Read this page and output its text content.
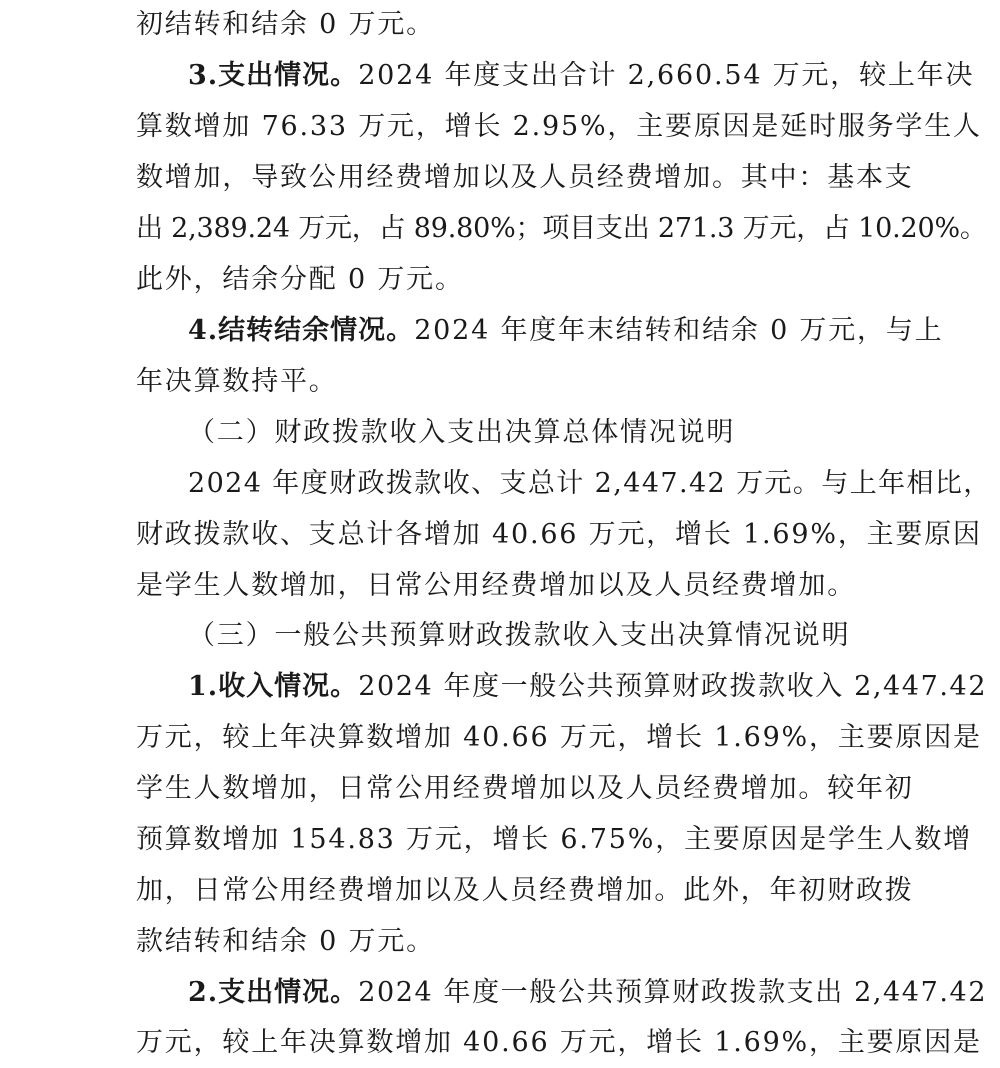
初结转和结余 0 万元。
3.支出情况。2024 年度支出合计 2,660.54 万元，较上年决
算数增加 76.33 万元，增长 2.95%，主要原因是延时服务学生人
数增加，导致公用经费增加以及人员经费增加。其中：基本支
出 2,389.24 万元，占 89.80%；项目支出 271.3 万元，占 10.20%。
此外，结余分配 0 万元。
4.结转结余情况。2024 年度年末结转和结余 0 万元，与上
年决算数持平。
（二）财政拨款收入支出决算总体情况说明
2024 年度财政拨款收、支总计 2,447.42 万元。与上年相比，
财政拨款收、支总计各增加 40.66 万元，增长 1.69%，主要原因
是学生人数增加，日常公用经费增加以及人员经费增加。
（三）一般公共预算财政拨款收入支出决算情况说明
1.收入情况。2024 年度一般公共预算财政拨款收入 2,447.42
万元，较上年决算数增加 40.66 万元，增长 1.69%，主要原因是
学生人数增加，日常公用经费增加以及人员经费增加。较年初
预算数增加 154.83 万元，增长 6.75%，主要原因是学生人数增
加，日常公用经费增加以及人员经费增加。此外，年初财政拨
款结转和结余 0 万元。
2.支出情况。2024 年度一般公共预算财政拨款支出 2,447.42
万元，较上年决算数增加 40.66 万元，增长 1.69%，主要原因是
